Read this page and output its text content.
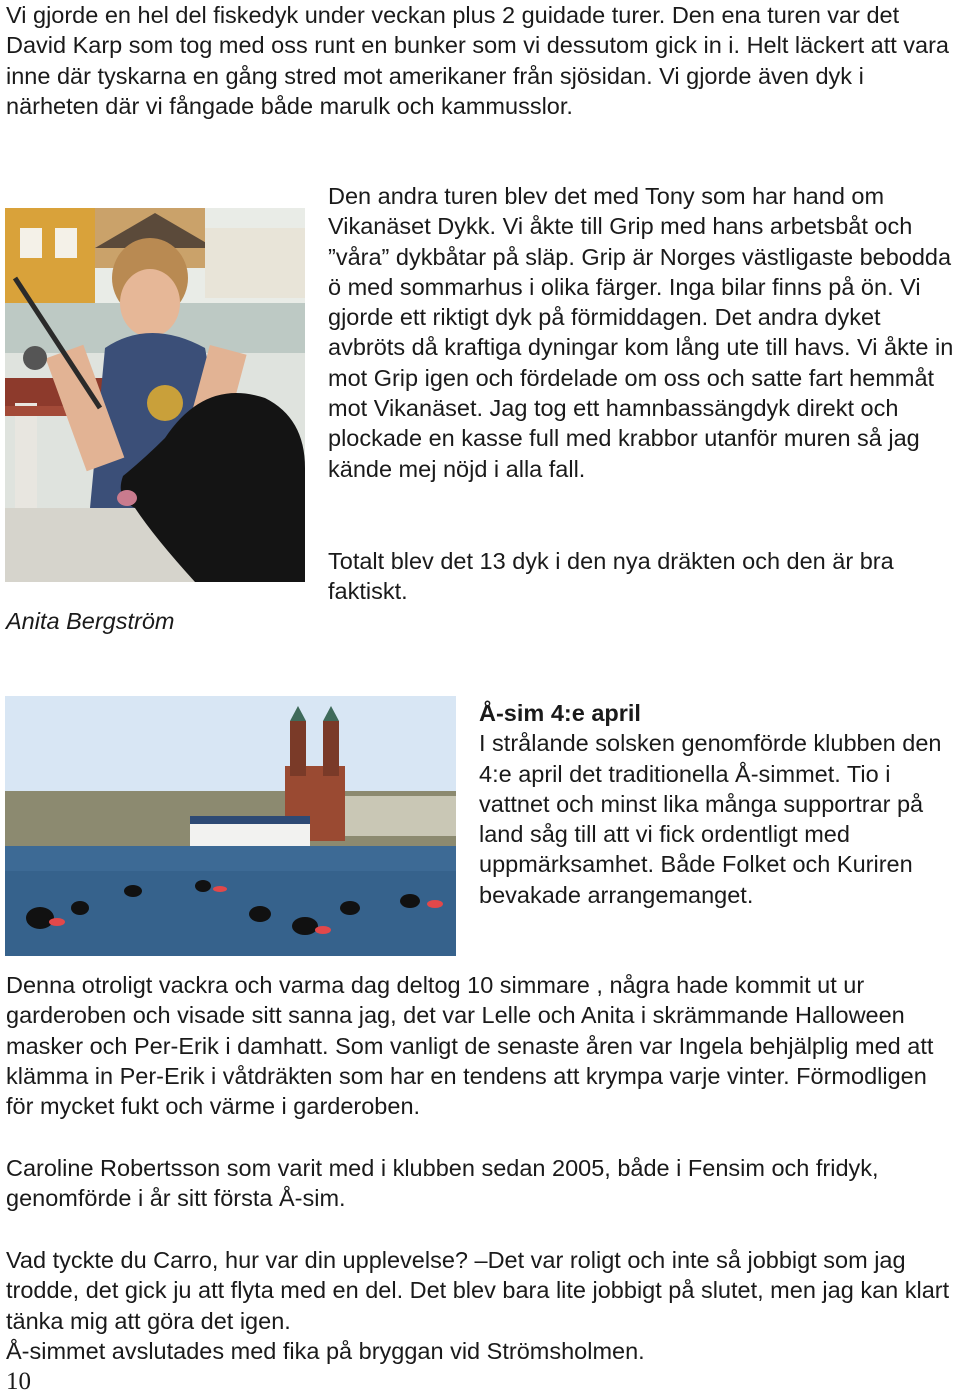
Vi gjorde en hel del fiskedyk under veckan plus 2 guidade turer. Den ena turen var det David Karp som tog med oss runt en bunker som vi dessutom gick in i. Helt läckert att vara inne där tyskarna en gång stred mot amerikaner från sjösidan. Vi gjorde även dyk i närheten där vi fångade både marulk och kammusslor.

Den andra turen blev det med Tony som har hand om Vikanäset Dykk. Vi åkte till Grip med hans arbetsbåt och ”våra” dykbåtar på släp. Grip är Norges västligaste bebodda ö med sommarhus i olika färger. Inga bilar finns på ön. Vi gjorde ett riktigt dyk på förmiddagen. Det andra dyket avbröts då kraftiga dyningar kom lång ute till havs. Vi åkte in mot Grip igen och fördelade om oss och satte fart hemmåt mot Vikanäset. Jag tog ett hamnbassängdyk direkt och plockade en kasse full med krabbor utanför muren så jag kände mej nöjd i alla fall.

Totalt blev det 13 dyk i den nya dräkten och den är bra faktiskt.

Anita Bergström
Å-sim 4:e april
I strålande solsken genomförde klubben den 4:e april det traditionella Å-simmet. Tio i vattnet och minst lika många supportrar på land såg till att vi fick ordentligt med uppmärksamhet. Både Folket och Kuriren bevakade arrangemanget.

Denna otroligt vackra och varma dag deltog 10 simmare , några hade kommit ut ur garderoben och visade sitt sanna jag, det var Lelle och Anita i skrämmande Halloween masker och Per-Erik i damhatt. Som vanligt de senaste åren var Ingela behjälplig med att klämma in Per-Erik i våtdräkten som har en tendens att krympa varje vinter. Förmodligen för mycket fukt och värme i garderoben.

Caroline Robertsson som varit med i klubben sedan 2005, både i Fensim och fridyk, genomförde i år sitt första Å-sim.

Vad tyckte du Carro, hur var din upplevelse? –Det var roligt och inte så jobbigt som jag trodde, det gick ju att flyta med en del. Det blev bara lite jobbigt på slutet, men jag kan klart tänka mig att göra det igen.
Å-simmet avslutades med fika på bryggan vid Strömsholmen.
10
